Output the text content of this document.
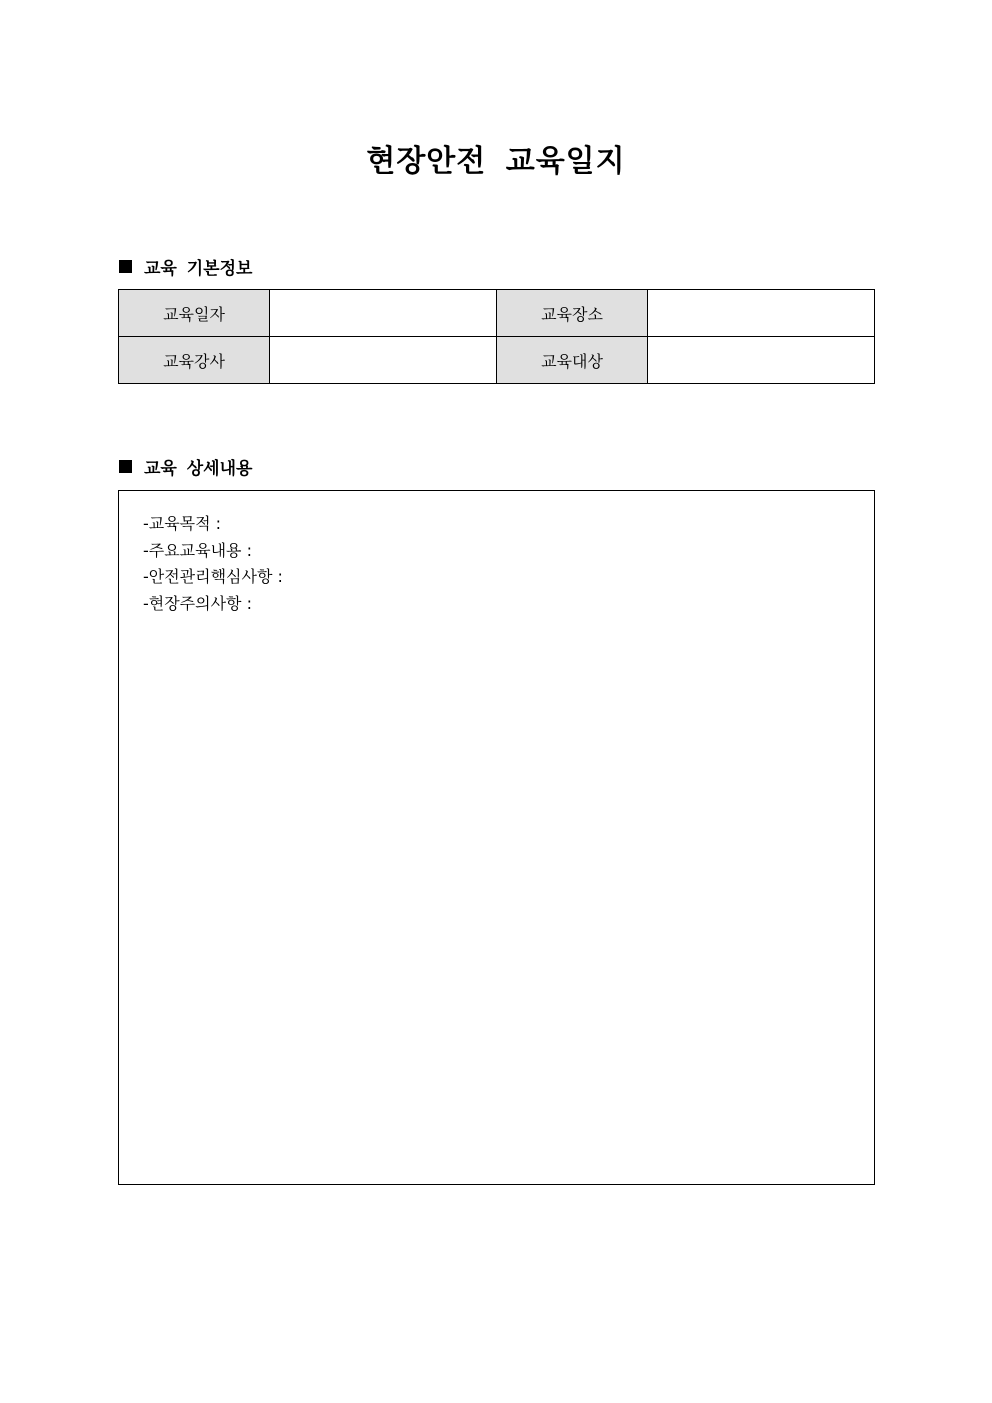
현장안전 교육일지
교육 기본정보
교육일자		교육장소	
교육강사		교육대상	
교육 상세내용
-교육목적 :
-주요교육내용 :
-안전관리핵심사항 :
-현장주의사항 :
